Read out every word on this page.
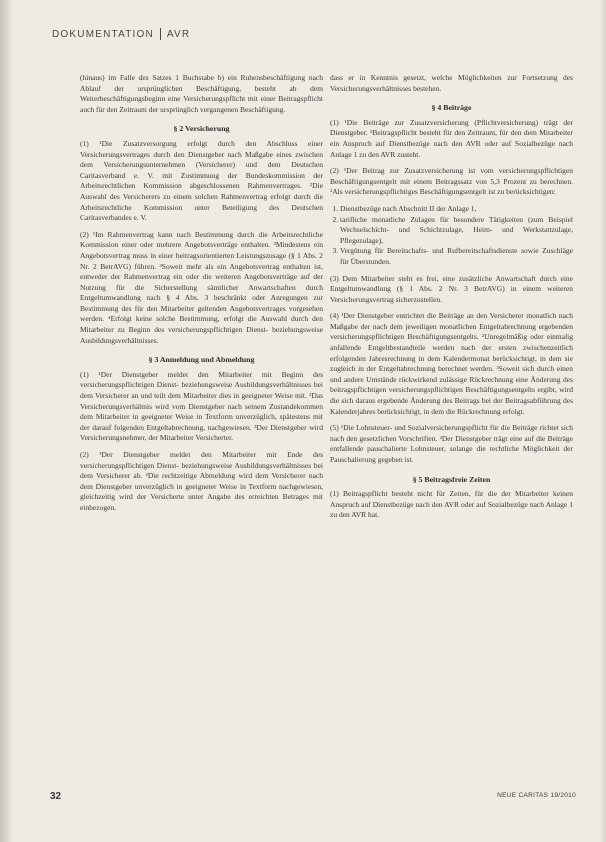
DOKUMENTATION AVR

(hinaus) im Falle des Satzes 1 Buchstabe b) ein Ruhensbeschäftigung nach Ablauf der ursprünglichen Beschäftigung, besteht ab dem Weiterbeschäftigungsbeginn eine Versicherungspflicht mit einer Beitragspflicht auch für den Zeitraum der ursprünglich vergangenen Beschäftigung.

§ 2 Versicherung

(1) ¹Die Zusatzversorgung erfolgt durch den Abschluss einer Versicherungsvertrages durch den Dienstgeber nach Maßgabe eines zwischen dem Versicherungsunternehmen (Versicherer) und dem Deutschen Caritasverband e. V. mit Zustimmung der Bundeskommission der Arbeitsrechtlichen Kommission abgeschlossenen Rahmenvertrages. ²Die Auswahl des Versicherers zu einem solchen Rahmenvertrag erfolgt durch die Arbeitsrechtliche Kommission unter Beteiligung des Deutschen Caritasverbandes e. V.

(2) ¹Im Rahmenvertrag kann nach Bestimmung durch die Arbeitsrechtliche Kommission einer oder mehrere Angebotsverträge enthalten. ²Mindestens ein Angebotsvertrag muss in einer beitragsorientierten Leistungszusage (§ 1 Abs. 2 Nr. 2 BetrAVG) führen. ³Soweit mehr als ein Angebotsvertrag enthalten ist, entweder der Rahmenvertrag ein oder die weiteren Angebotsverträge auf der Nutzung für die Sicherstellung sämtlicher Anwartschaften durch Entgeltumwandlung nach § 4 Abs. 3 beschränkt oder Anregungen zur Bestimmung des für den Mitarbeiter geltenden Angebotsvertrages vorgesehen werden. ⁴Erfolgt keine solche Bestimmung, erfolgt die Auswahl durch den Mitarbeiter zu Beginn des versicherungspflichtigen Dienst- beziehungsweise Ausbildungsverhältnisses.

§ 3 Anmeldung und Abmeldung

(1) ¹Der Dienstgeber meldet den Mitarbeiter mit Beginn des versicherungspflichtigen Dienst- beziehungsweise Ausbildungsverhältnisses bei dem Versicherer an und teilt dem Mitarbeiter dies in geeigneter Weise mit. ²Das Versicherungsverhältnis wird vom Dienstgeber nach seinem Zustandekommen dem Mitarbeiter in geeigneter Weise in Textform unverzüglich, spätestens mit der darauf folgenden Entgeltabrechnung, nachgewiesen. ³Der Dienstgeber wird Versicherungsnehmer, der Mitarbeiter Versicherter.

(2) ¹Der Dienstgeber meldet den Mitarbeiter mit Ende des versicherungspflichtigen Dienst- beziehungsweise Ausbildungsverhältnisses bei dem Versicherer ab. ²Die rechtzeitige Abmeldung wird dem Versicherer nach dem Dienstgeber unverzüglich in geeigneter Weise in Textform nachgewiesen, gleichzeitig wird der Versicherte unter Angabe des erreichten Betrages mit einbezogen.

dass er in Kenntnis gesetzt, welche Möglichkeiten zur Fortsetzung des Versicherungsverhältnisses bestehen.

§ 4 Beiträge

(1) ¹Die Beiträge zur Zusatzversicherung (Pflichtversicherung) trägt der Dienstgeber. ²Beitragspflicht besteht für den Zeitraum, für den dem Mitarbeiter ein Anspruch auf Dienstbezüge nach den AVR oder auf Sozialbezüge nach Anlage 1 zu den AVR zusteht.

(2) ¹Der Beitrag zur Zusatzversicherung ist vom versicherungspflichtigen Beschäftigungsentgelt mit einem Beitragssatz von 5,3 Prozent zu berechnen. ²Als versicherungspflichtiges Beschäftigungsentgelt ist zu berücksichtigen:

1. Dienstbezüge nach Abschnitt II der Anlage 1,
2. tarifliche monatliche Zulagen für besondere Tätigkeiten (zum Beispiel Wechselschicht- und Schichtzulage, Heim- und Werkstattzulage, Pflegezulage),
3. Vergütung für Bereitschafts- und Rufbereitschaftsdienste sowie Zuschläge für Überstunden.

(3) Dem Mitarbeiter steht es frei, eine zusätzliche Anwartschaft durch eine Entgeltumwandlung (§ 1 Abs. 2 Nr. 3 BetrAVG) in einem weiteren Versicherungsvertrag sicherzustellen.

(4) ¹Der Dienstgeber entrichtet die Beiträge an den Versicherer monatlich nach Maßgabe der nach dem jeweiligen monatlichen Entgeltabrechnung ergebenden versicherungspflichtigen Beschäftigungsentgelts. ²Unregelmäßig oder einmalig anfallende Entgeltbestandteile werden nach der ersten zwischenzeitlich erfolgenden Jahresrechnung in dem Kalendermonat berücksichtigt, in dem sie zugleich in der Entgeltabrechnung berechnet werden. ³Soweit sich durch einen und andere Umstände rückwirkend zulässige Rückrechnung eine Änderung des beitragspflichtigen versicherungspflichtigen Beschäftigungsentgelts ergibt, wird die sich daraus ergebende Änderung des Beitrags bei der Beitragsabführung des Kalenderjahres berücksichtigt, in dem die Rückrechnung erfolgt.

(5) ¹Die Lohnsteuer- und Sozialversicherungspflicht für die Beiträge richtet sich nach den gesetzlichen Vorschriften. ²Der Dienstgeber trägt eine auf die Beiträge entfallende pauschalierte Lohnsteuer, solange die rechtliche Möglichkeit der Pauschalierung gegeben ist.

§ 5 Beitragsfreie Zeiten

(1) Beitragspflicht besteht nicht für Zeiten, für die der Mitarbeiter keinen Anspruch auf Dienstbezüge nach den AVR oder auf Sozialbezüge nach Anlage 1 zu den AVR hat.

32	NEUE CARITAS 19/2010
